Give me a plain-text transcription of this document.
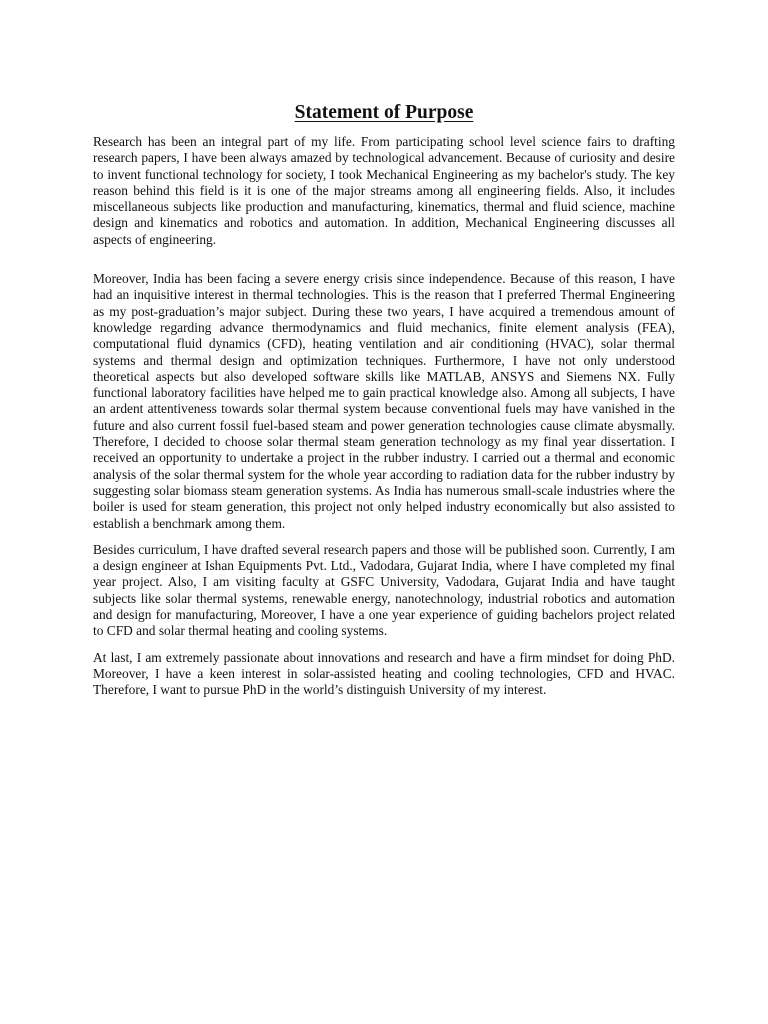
Statement of Purpose

Research has been an integral part of my life. From participating school level science fairs to drafting research papers, I have been always amazed by technological advancement. Because of curiosity and desire to invent functional technology for society, I took Mechanical Engineering as my bachelor's study. The key reason behind this field is it is one of the major streams among all engineering fields. Also, it includes miscellaneous subjects like production and manufacturing, kinematics, thermal and fluid science, machine design and kinematics and robotics and automation. In addition, Mechanical Engineering discusses all aspects of engineering.

Moreover, India has been facing a severe energy crisis since independence. Because of this reason, I have had an inquisitive interest in thermal technologies. This is the reason that I preferred Thermal Engineering as my post-graduation’s major subject. During these two years, I have acquired a tremendous amount of knowledge regarding advance thermodynamics and fluid mechanics, finite element analysis (FEA), computational fluid dynamics (CFD), heating ventilation and air conditioning (HVAC), solar thermal systems and thermal design and optimization techniques. Furthermore, I have not only understood theoretical aspects but also developed software skills like MATLAB, ANSYS and Siemens NX. Fully functional laboratory facilities have helped me to gain practical knowledge also. Among all subjects, I have an ardent attentiveness towards solar thermal system because conventional fuels may have vanished in the future and also current fossil fuel-based steam and power generation technologies cause climate abysmally. Therefore, I decided to choose solar thermal steam generation technology as my final year dissertation. I received an opportunity to undertake a project in the rubber industry. I carried out a thermal and economic analysis of the solar thermal system for the whole year according to radiation data for the rubber industry by suggesting solar biomass steam generation systems. As India has numerous small-scale industries where the boiler is used for steam generation, this project not only helped industry economically but also assisted to establish a benchmark among them.

Besides curriculum, I have drafted several research papers and those will be published soon. Currently, I am a design engineer at Ishan Equipments Pvt. Ltd., Vadodara, Gujarat India, where I have completed my final year project. Also, I am visiting faculty at GSFC University, Vadodara, Gujarat India and have taught subjects like solar thermal systems, renewable energy, nanotechnology, industrial robotics and automation and design for manufacturing, Moreover, I have a one year experience of guiding bachelors project related to CFD and solar thermal heating and cooling systems.

At last, I am extremely passionate about innovations and research and have a firm mindset for doing PhD. Moreover, I have a keen interest in solar-assisted heating and cooling technologies, CFD and HVAC. Therefore, I want to pursue PhD in the world’s distinguish University of my interest.
